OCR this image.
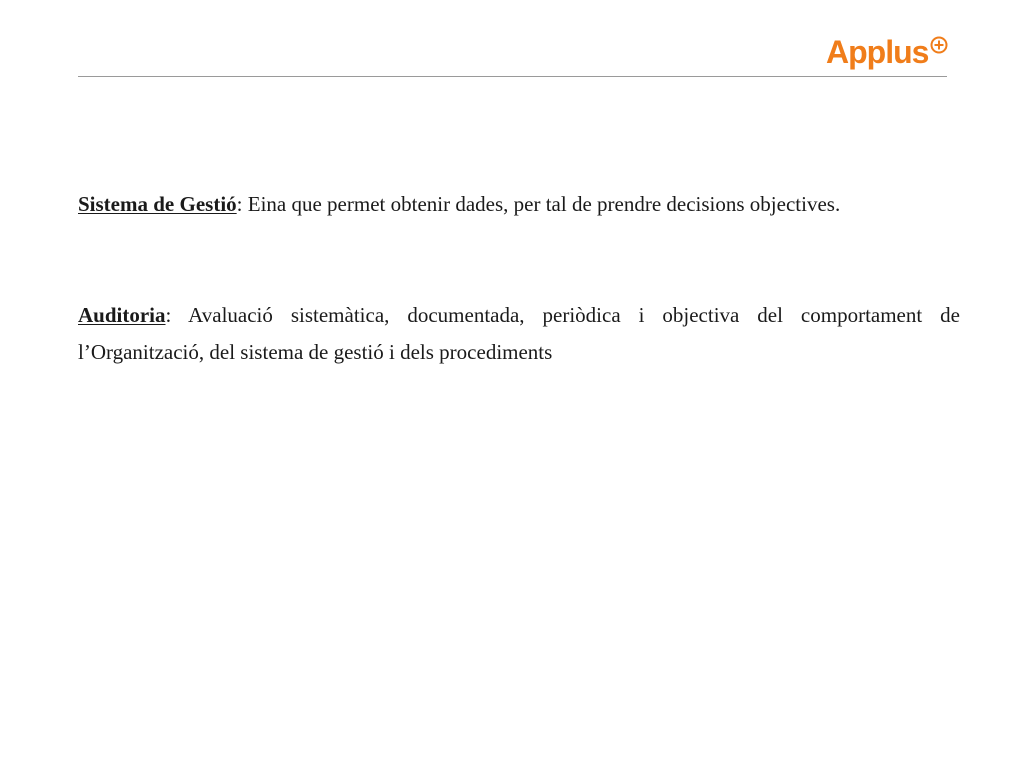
Applus

Sistema de Gestió: Eina que permet obtenir dades, per tal de prendre decisions objectives.

Auditoria: Avaluació sistemàtica, documentada, periòdica i objectiva del comportament de l’Organització, del sistema de gestió i dels procediments
